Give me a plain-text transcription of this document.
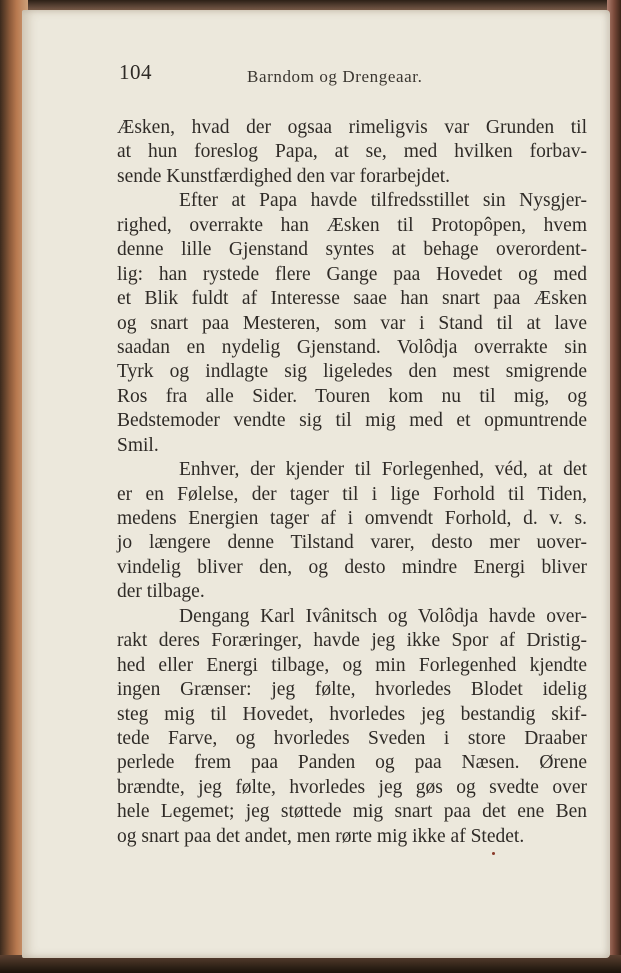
104	Barndom og Drengeaar.
Æsken, hvad der ogsaa rimeligvis var Grunden til
at hun foreslog Papa, at se, med hvilken forbav-
sende Kunstfærdighed den var forarbejdet.
Efter at Papa havde tilfredsstillet sin Nysgjer-
righed, overrakte han Æsken til Protopôpen, hvem
denne lille Gjenstand syntes at behage overordent-
lig: han rystede flere Gange paa Hovedet og med
et Blik fuldt af Interesse saae han snart paa Æsken
og snart paa Mesteren, som var i Stand til at lave
saadan en nydelig Gjenstand. Volôdja overrakte sin
Tyrk og indlagte sig ligeledes den mest smigrende
Ros fra alle Sider. Touren kom nu til mig, og
Bedstemoder vendte sig til mig med et opmuntrende
Smil.
Enhver, der kjender til Forlegenhed, véd, at det
er en Følelse, der tager til i lige Forhold til Tiden,
medens Energien tager af i omvendt Forhold, d. v. s.
jo længere denne Tilstand varer, desto mer uover-
vindelig bliver den, og desto mindre Energi bliver
der tilbage.
Dengang Karl Ivânitsch og Volôdja havde over-
rakt deres Foræringer, havde jeg ikke Spor af Dristig-
hed eller Energi tilbage, og min Forlegenhed kjendte
ingen Grænser: jeg følte, hvorledes Blodet idelig
steg mig til Hovedet, hvorledes jeg bestandig skif-
tede Farve, og hvorledes Sveden i store Draaber
perlede frem paa Panden og paa Næsen. Ørene
brændte, jeg følte, hvorledes jeg gøs og svedte over
hele Legemet; jeg støttede mig snart paa det ene Ben
og snart paa det andet, men rørte mig ikke af Stedet.
